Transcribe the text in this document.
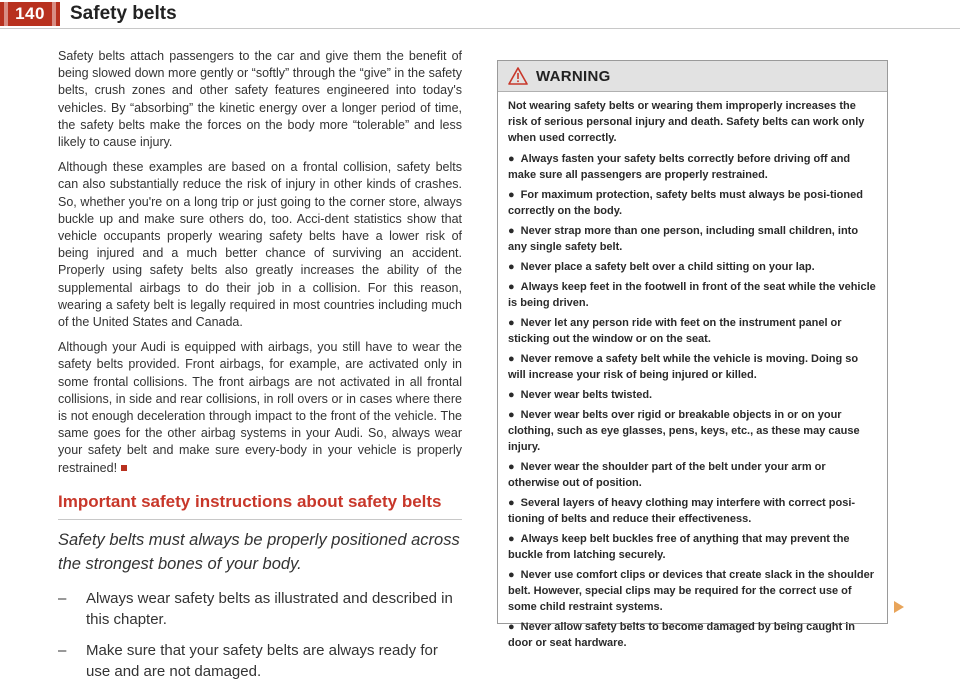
140	Safety belts

Safety belts attach passengers to the car and give them the benefit of being slowed down more gently or “softly” through the “give” in the safety belts, crush zones and other safety features engineered into today's vehicles. By “absorbing” the kinetic energy over a longer period of time, the safety belts make the forces on the body more “tolerable” and less likely to cause injury.

Although these examples are based on a frontal collision, safety belts can also substantially reduce the risk of injury in other kinds of crashes. So, whether you're on a long trip or just going to the corner store, always buckle up and make sure others do, too. Acci-dent statistics show that vehicle occupants properly wearing safety belts have a lower risk of being injured and a much better chance of surviving an accident. Properly using safety belts also greatly increases the ability of the supplemental airbags to do their job in a collision. For this reason, wearing a safety belt is legally required in most countries including much of the United States and Canada.

Although your Audi is equipped with airbags, you still have to wear the safety belts provided. Front airbags, for example, are activated only in some frontal collisions. The front airbags are not activated in all frontal collisions, in side and rear collisions, in roll overs or in cases where there is not enough deceleration through impact to the front of the vehicle. The same goes for the other airbag systems in your Audi. So, always wear your safety belt and make sure every-body in your vehicle is properly restrained!

Important safety instructions about safety belts
Safety belts must always be properly positioned across the strongest bones of your body.
– Always wear safety belts as illustrated and described in this chapter.
– Make sure that your safety belts are always ready for use and are not damaged.
WARNING

Not wearing safety belts or wearing them improperly increases the risk of serious personal injury and death. Safety belts can work only when used correctly.

● Always fasten your safety belts correctly before driving off and make sure all passengers are properly restrained.
● For maximum protection, safety belts must always be posi-tioned correctly on the body.
● Never strap more than one person, including small children, into any single safety belt.
● Never place a safety belt over a child sitting on your lap.
● Always keep feet in the footwell in front of the seat while the vehicle is being driven.
● Never let any person ride with feet on the instrument panel or sticking out the window or on the seat.
● Never remove a safety belt while the vehicle is moving. Doing so will increase your risk of being injured or killed.
● Never wear belts twisted.
● Never wear belts over rigid or breakable objects in or on your clothing, such as eye glasses, pens, keys, etc., as these may cause injury.
● Never wear the shoulder part of the belt under your arm or otherwise out of position.
● Several layers of heavy clothing may interfere with correct posi-tioning of belts and reduce their effectiveness.
● Always keep belt buckles free of anything that may prevent the buckle from latching securely.
● Never use comfort clips or devices that create slack in the shoulder belt. However, special clips may be required for the correct use of some child restraint systems.
● Never allow safety belts to become damaged by being caught in door or seat hardware.
